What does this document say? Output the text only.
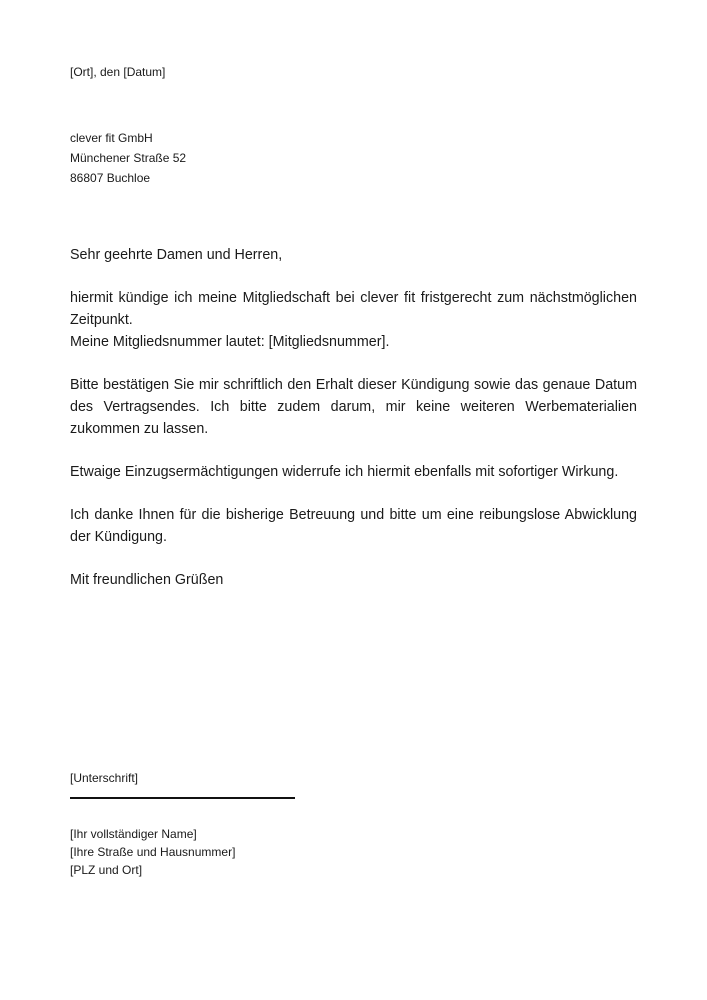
[Ort], den [Datum]
clever fit GmbH
Münchener Straße 52
86807 Buchloe

Sehr geehrte Damen und Herren,

hiermit kündige ich meine Mitgliedschaft bei clever fit fristgerecht zum nächstmöglichen Zeitpunkt.
Meine Mitgliedsnummer lautet: [Mitgliedsnummer].

Bitte bestätigen Sie mir schriftlich den Erhalt dieser Kündigung sowie das genaue Datum des Vertragsendes. Ich bitte zudem darum, mir keine weiteren Werbematerialien zukommen zu lassen.

Etwaige Einzugsermächtigungen widerrufe ich hiermit ebenfalls mit sofortiger Wirkung.

Ich danke Ihnen für die bisherige Betreuung und bitte um eine reibungslose Abwicklung der Kündigung.

Mit freundlichen Grüßen

[Unterschrift]
[Ihr vollständiger Name]
[Ihre Straße und Hausnummer]
[PLZ und Ort]
